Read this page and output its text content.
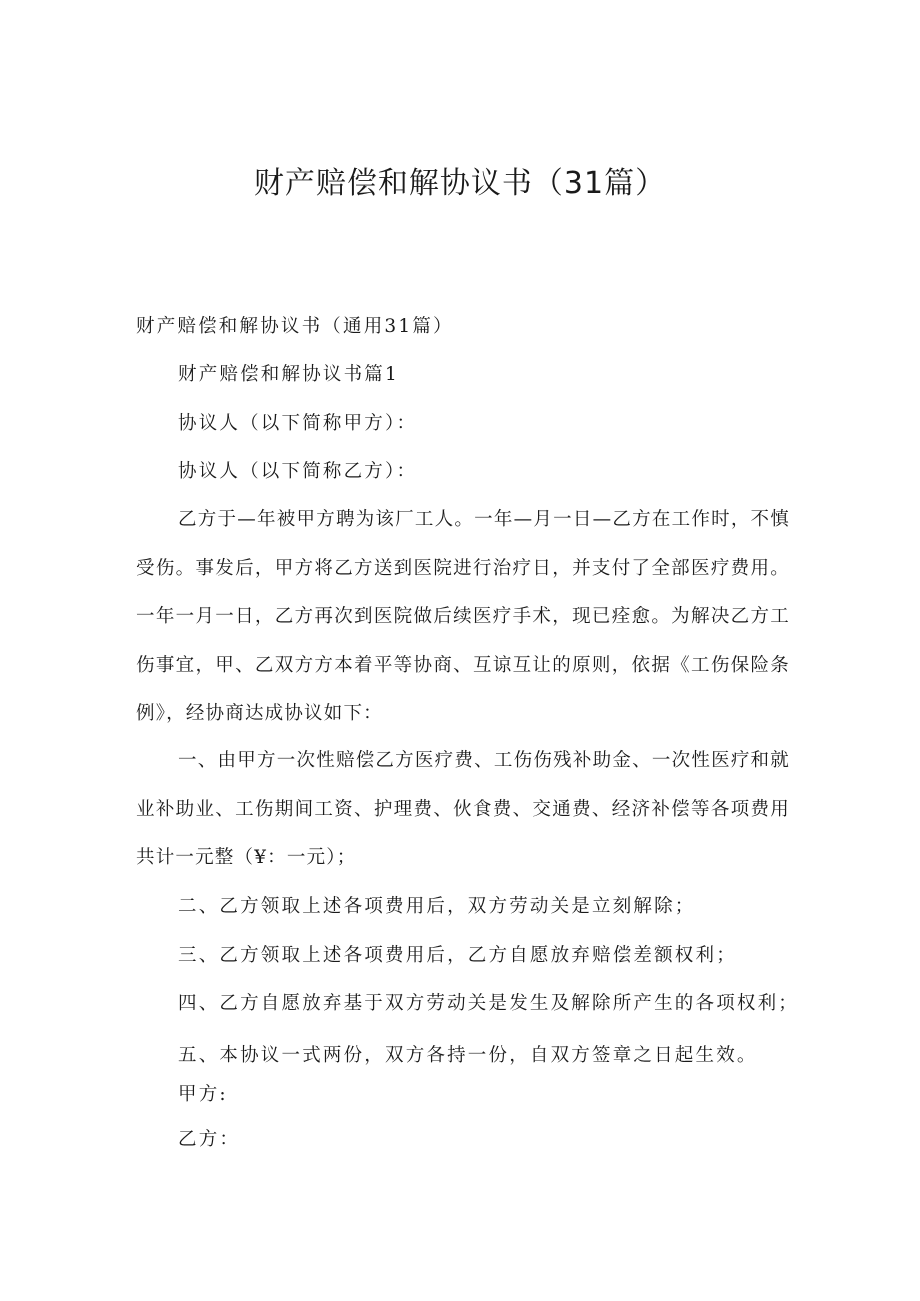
财产赔偿和解协议书（31篇）

财产赔偿和解协议书（通用31篇）

财产赔偿和解协议书篇1

协议人（以下简称甲方）：

协议人（以下简称乙方）：

乙方于—年被甲方聘为该厂工人。一年—月一日—乙方在工作时，不慎受伤。事发后，甲方将乙方送到医院进行治疗日，并支付了全部医疗费用。一年一月一日，乙方再次到医院做后续医疗手术，现已痊愈。为解决乙方工伤事宜，甲、乙双方方本着平等协商、互谅互让的原则，依据《工伤保险条例》，经协商达成协议如下：

一、由甲方一次性赔偿乙方医疗费、工伤伤残补助金、一次性医疗和就业补助业、工伤期间工资、护理费、伙食费、交通费、经济补偿等各项费用共计一元整（¥：一元）；

二、乙方领取上述各项费用后，双方劳动关是立刻解除；

三、乙方领取上述各项费用后，乙方自愿放弃赔偿差额权利；

四、乙方自愿放弃基于双方劳动关是发生及解除所产生的各项权利；

五、本协议一式两份，双方各持一份，自双方签章之日起生效。

甲方:

乙方：
